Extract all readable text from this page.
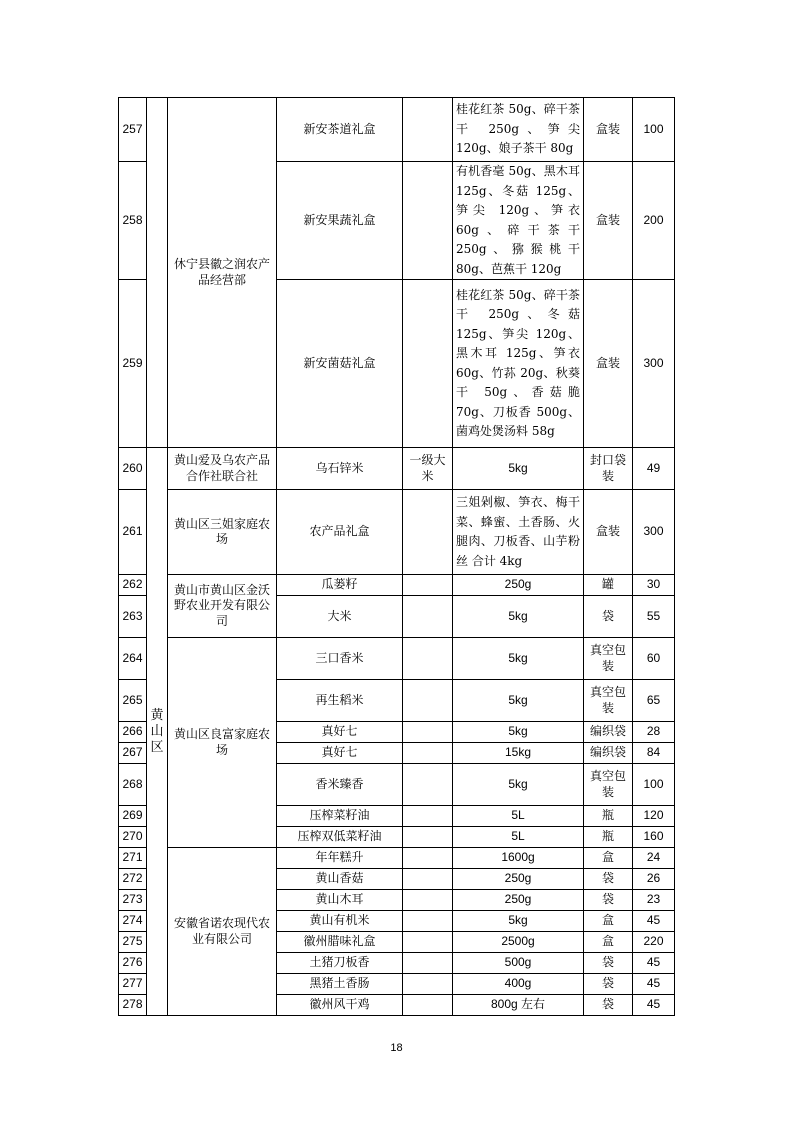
257		休宁县徽之润农产品经营部	新安茶道礼盒		桂花红茶 50g、碎干茶干 250g、笋尖 120g、娘子茶干 80g	盒装	100
258			新安果蔬礼盒		有机香毫 50g、黑木耳 125g、冬菇 125g、笋尖 120g、笋衣 60g、碎干茶干 250g、猕猴桃干 80g、芭蕉干 120g	盒装	200
259			新安菌菇礼盒		桂花红茶 50g、碎干茶干 250g、冬菇 125g、笋尖 120g、黑木耳 125g、笋衣 60g、竹荪 20g、秋葵干 50g、香菇脆 70g、刀板香 500g、菌鸡处煲汤料 58g	盒装	300
260	黄山区	黄山爱及乌农产品合作社联合社	乌石锌米	一级大米	5kg	封口袋装	49
261		黄山区三姐家庭农场	农产品礼盒		三姐剁椒、笋衣、梅干菜、蜂蜜、土香肠、火腿肉、刀板香、山芋粉丝 合计 4kg	盒装	300
262		黄山市黄山区金沃野农业开发有限公司	瓜蒌籽		250g	罐	30
263			大米		5kg	袋	55
264		黄山区良富家庭农场	三口香米		5kg	真空包装	60
265			再生稻米		5kg	真空包装	65
266			真好七		5kg	编织袋	28
267			真好七		15kg	编织袋	84
268			香米臻香		5kg	真空包装	100
269			压榨菜籽油		5L	瓶	120
270			压榨双低菜籽油		5L	瓶	160
271		安徽省诺农现代农业有限公司	年年糕升		1600g	盒	24
272			黄山香菇		250g	袋	26
273			黄山木耳		250g	袋	23
274			黄山有机米		5kg	盒	45
275			徽州腊味礼盒		2500g	盒	220
276			土猪刀板香		500g	袋	45
277			黑猪土香肠		400g	袋	45
278			徽州风干鸡		800g 左右	袋	45
18
